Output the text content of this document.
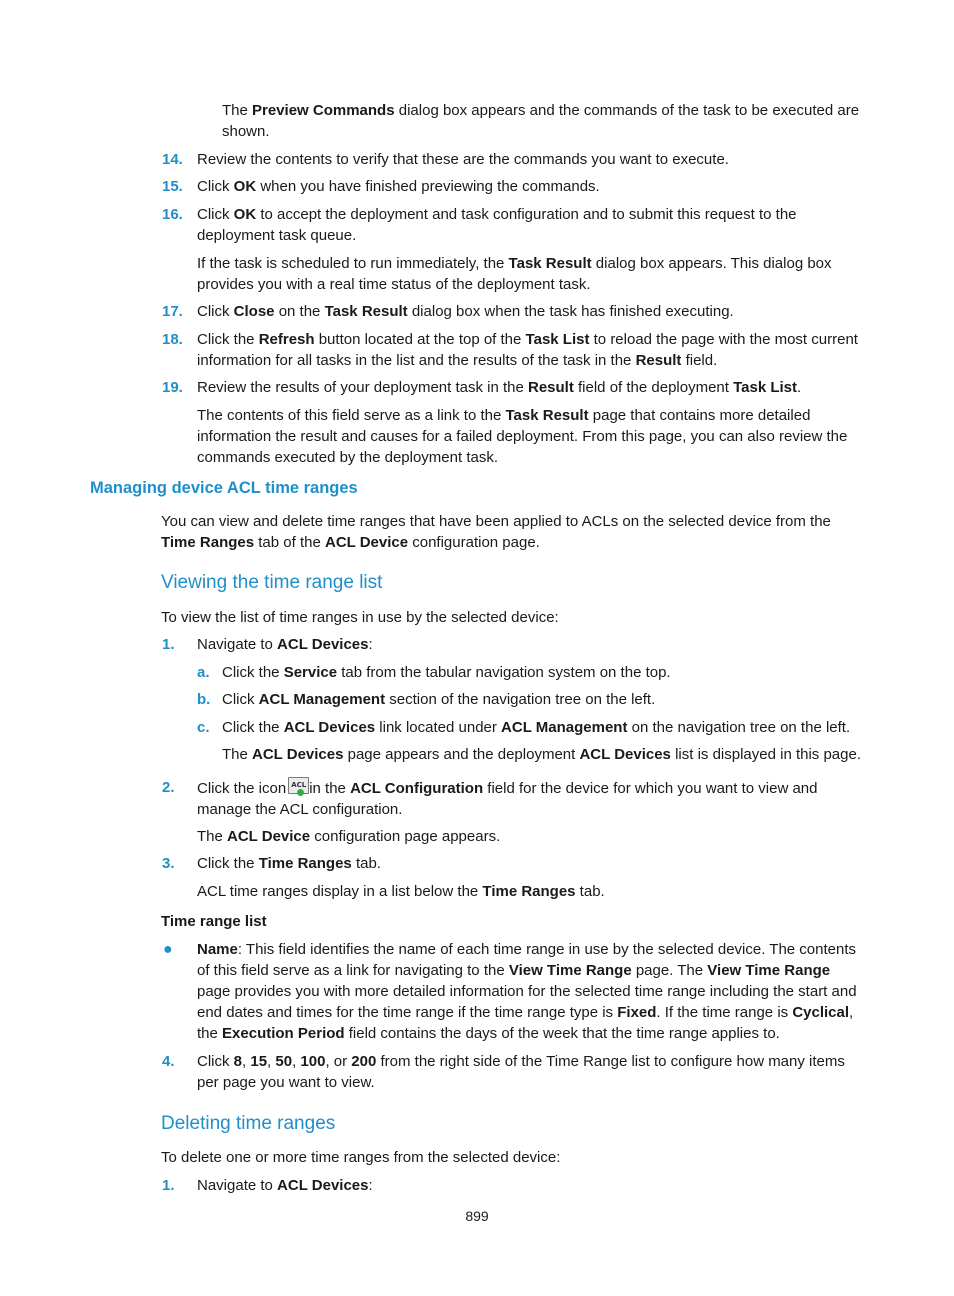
The Preview Commands dialog box appears and the commands of the task to be executed are shown.
14. Review the contents to verify that these are the commands you want to execute.
15. Click OK when you have finished previewing the commands.
16. Click OK to accept the deployment and task configuration and to submit this request to the deployment task queue.
If the task is scheduled to run immediately, the Task Result dialog box appears. This dialog box provides you with a real time status of the deployment task.
17. Click Close on the Task Result dialog box when the task has finished executing.
18. Click the Refresh button located at the top of the Task List to reload the page with the most current information for all tasks in the list and the results of the task in the Result field.
19. Review the results of your deployment task in the Result field of the deployment Task List.
The contents of this field serve as a link to the Task Result page that contains more detailed information the result and causes for a failed deployment. From this page, you can also review the commands executed by the deployment task.
Managing device ACL time ranges
You can view and delete time ranges that have been applied to ACLs on the selected device from the Time Ranges tab of the ACL Device configuration page.
Viewing the time range list
To view the list of time ranges in use by the selected device:
1. Navigate to ACL Devices:
a. Click the Service tab from the tabular navigation system on the top.
b. Click ACL Management section of the navigation tree on the left.
c. Click the ACL Devices link located under ACL Management on the navigation tree on the left.
The ACL Devices page appears and the deployment ACL Devices list is displayed in this page.
2. Click the icon ACL in the ACL Configuration field for the device for which you want to view and manage the ACL configuration.
The ACL Device configuration page appears.
3. Click the Time Ranges tab.
ACL time ranges display in a list below the Time Ranges tab.
Time range list
● Name: This field identifies the name of each time range in use by the selected device. The contents of this field serve as a link for navigating to the View Time Range page. The View Time Range page provides you with more detailed information for the selected time range including the start and end dates and times for the time range if the time range type is Fixed. If the time range is Cyclical, the Execution Period field contains the days of the week that the time range applies to.
4. Click 8, 15, 50, 100, or 200 from the right side of the Time Range list to configure how many items per page you want to view.
Deleting time ranges
To delete one or more time ranges from the selected device:
1. Navigate to ACL Devices:
899
